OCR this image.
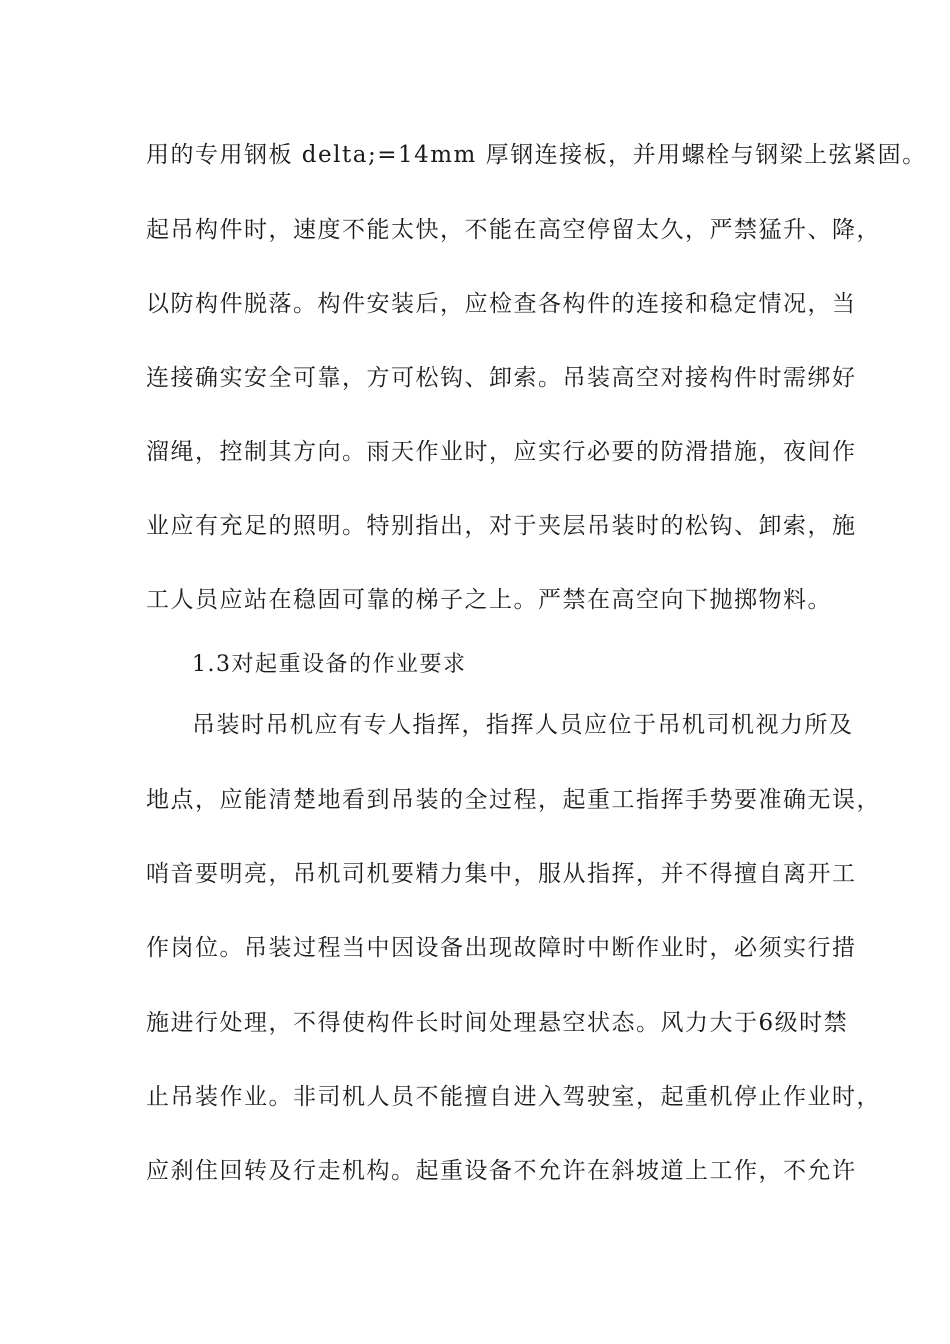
用的专用钢板 delta;=14mm 厚钢连接板，并用螺栓与钢梁上弦紧固。
起吊构件时，速度不能太快，不能在高空停留太久，严禁猛升、降，
以防构件脱落。构件安装后，应检查各构件的连接和稳定情况，当
连接确实安全可靠，方可松钩、卸索。吊装高空对接构件时需绑好
溜绳，控制其方向。雨天作业时，应实行必要的防滑措施，夜间作
业应有充足的照明。特别指出，对于夹层吊装时的松钩、卸索，施
工人员应站在稳固可靠的梯子之上。严禁在高空向下抛掷物料。
1.3对起重设备的作业要求
吊装时吊机应有专人指挥，指挥人员应位于吊机司机视力所及
地点，应能清楚地看到吊装的全过程，起重工指挥手势要准确无误，
哨音要明亮，吊机司机要精力集中，服从指挥，并不得擅自离开工
作岗位。吊装过程当中因设备出现故障时中断作业时，必须实行措
施进行处理，不得使构件长时间处理悬空状态。风力大于6级时禁
止吊装作业。非司机人员不能擅自进入驾驶室，起重机停止作业时，
应刹住回转及行走机构。起重设备不允许在斜坡道上工作，不允许
